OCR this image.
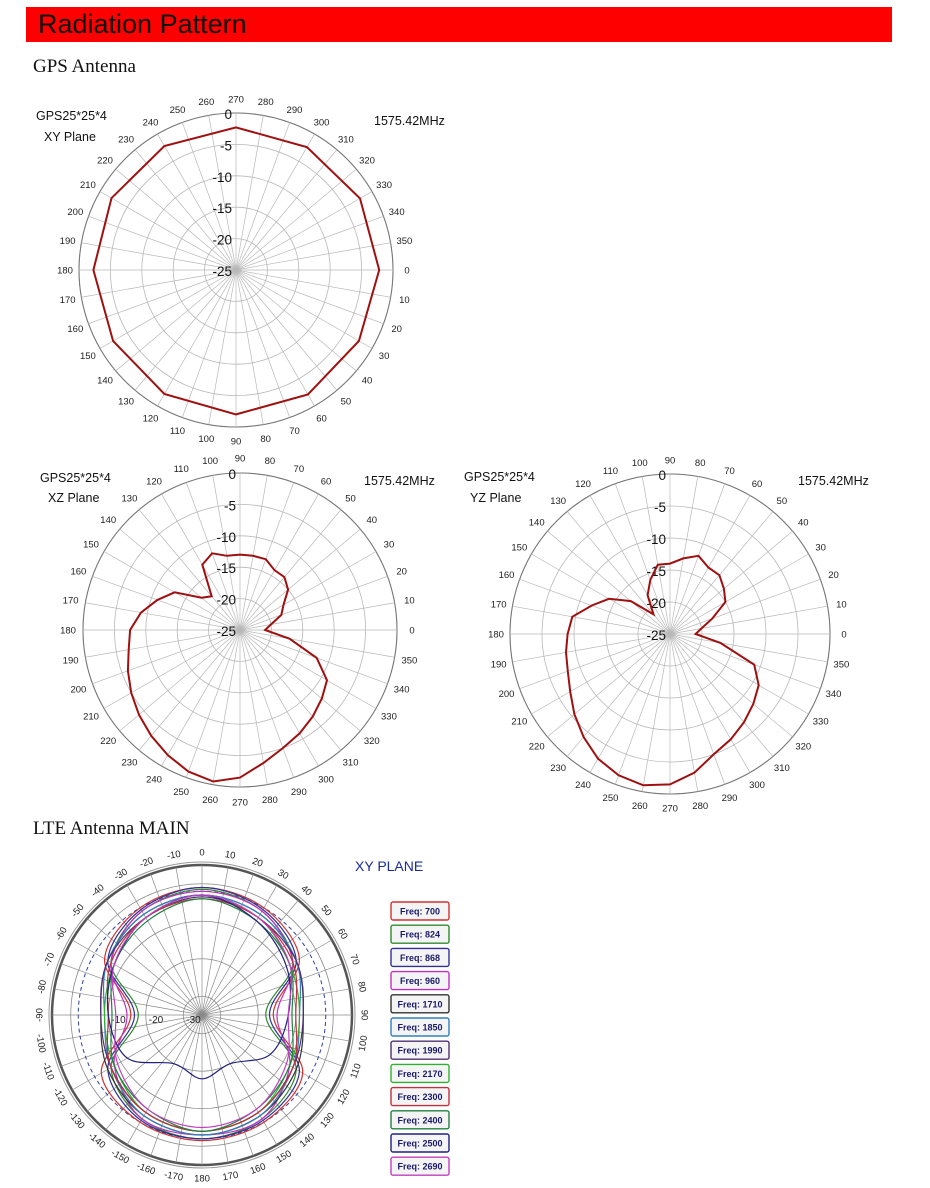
Radiation Pattern
GPS Antenna
LTE Antenna MAIN
0
10
20
30
40
50
60
70
80
90
100
110
120
130
140
150
160
170
180
190
200
210
220
230
240
250
260 270 280
290
300
310
320
330
340
350
0
-5
-10
-15
-20
-25
GPS25*25*4
XY Plane
1575.42MHz
0
350
340
330
320
310
300
290
280
270
260
250
240
230
220
210
200
190
180
170
160
150
140
130
120
110
100 90 80
70
60
50
40
30
20
10
0
-5
-10
-15
-20
-25
GPS25*25*4
XZ Plane
1575.42MHz
0
350
340
330
320
310
300
290
280
270
260
250
240
230
220
210
200
190
180
170
160
150
140
130
120
110
100 90 80
70
60
50
40
30
20
10
0
-5
-10
-15
-20
-25
GPS25*25*4
YZ Plane
1575.42MHz
0 10
20
30
40
50
60
70
80
90
100
110
120
130
140
150
160
170
180
-170
-160
-150
-140
-130
-120
-110
-100
-90
-80
-70
-60
-50
-40
-30
-20 -10
-30
-20
-10
XY PLANE
Freq: 700
Freq: 824
Freq: 868
Freq: 960
Freq: 1710
Freq: 1850
Freq: 1990
Freq: 2170
Freq: 2300
Freq: 2400
Freq: 2500
Freq: 2690
